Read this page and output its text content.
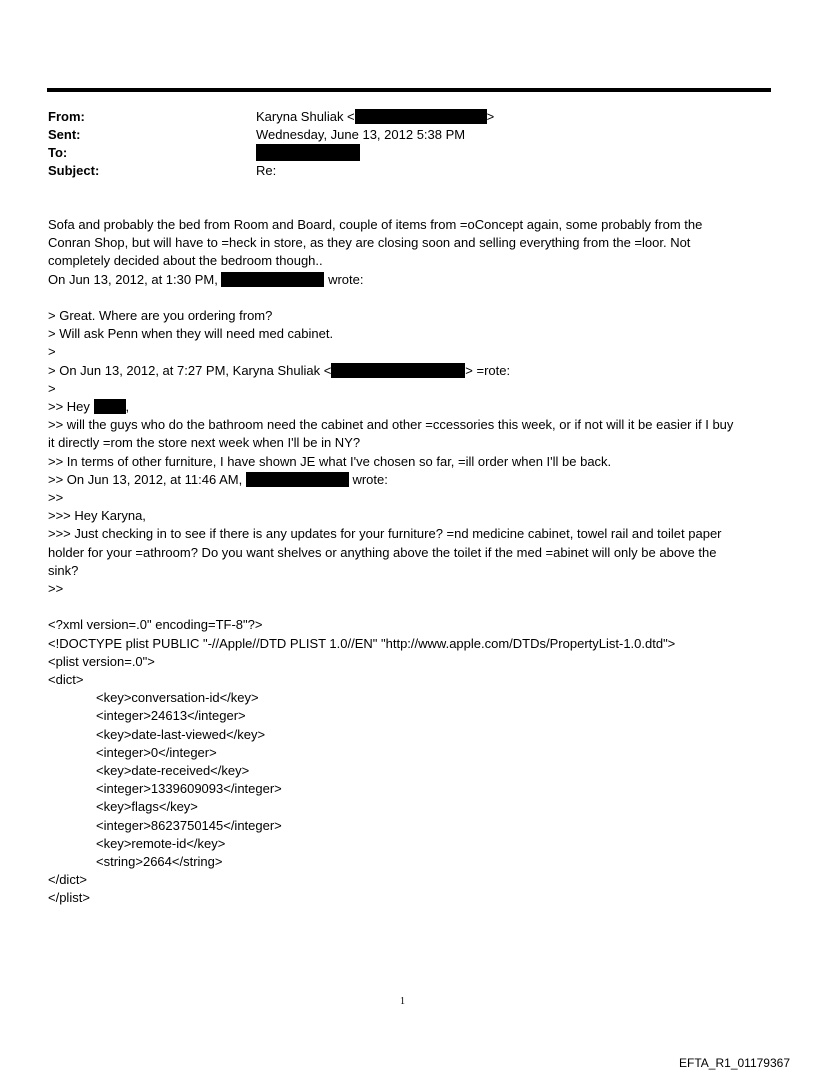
From:	Karyna Shuliak <	>
Sent:	Wednesday, June 13, 2012 5:38 PM
To:
Subject:	Re:
Sofa and probably the bed from Room and Board, couple of items from =oConcept again, some probably from the
Conran Shop, but will have to =heck in store, as they are closing soon and selling everything from the =loor. Not
completely decided about the bedroom though..
On Jun 13, 2012, at 1:30 PM,	wrote:
> Great. Where are you ordering from?
> Will ask Penn when they will need med cabinet.
>
> On Jun 13, 2012, at 7:27 PM, Karyna Shuliak <	> =rote:
>
>> Hey	,
>> will the guys who do the bathroom need the cabinet and other =ccessories this week, or if not will it be easier if I buy
it directly =rom the store next week when I'll be in NY?
>> In terms of other furniture, I have shown JE what I've chosen so far, =ill order when I'll be back.
>> On Jun 13, 2012, at 11:46 AM,	wrote:
>>
>>> Hey Karyna,
>>> Just checking in to see if there is any updates for your furniture? =nd medicine cabinet, towel rail and toilet paper
holder for your =athroom? Do you want shelves or anything above the toilet if the med =abinet will only be above the
sink?
>>
<?xml version=.0" encoding=TF-8"?>
<!DOCTYPE plist PUBLIC "-//Apple//DTD PLIST 1.0//EN" "http://www.apple.com/DTDs/PropertyList-1.0.dtd">
<plist version=.0">
<dict>
<key>conversation-id</key>
<integer>24613</integer>
<key>date-last-viewed</key>
<integer>0</integer>
<key>date-received</key>
<integer>1339609093</integer>
<key>flags</key>
<integer>8623750145</integer>
<key>remote-id</key>
<string>2664</string>
</dict>
</plist>
1
EFTA_R1_01179367
